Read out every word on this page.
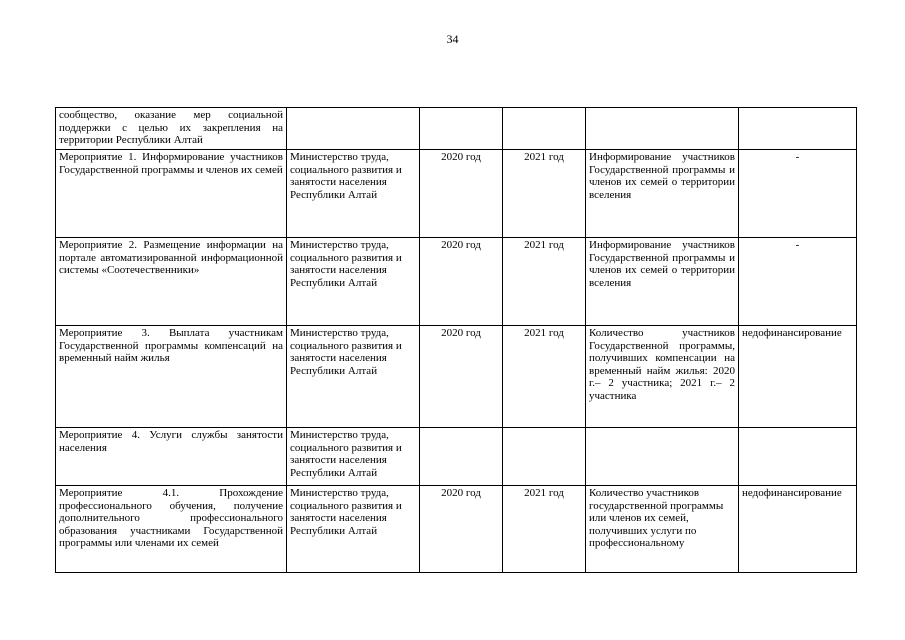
34
сообщество, оказание мер социальной поддержки с целью их закрепления на территории Республики Алтай					
Мероприятие 1. Информирование участников Государственной программы и членов их семей	Министерство труда, социального развития и занятости населения Республики Алтай	2020 год	2021 год	Информирование участников Государственной программы и членов их семей о территории вселения	-
Мероприятие 2. Размещение информации на портале автоматизированной информационной системы «Соотечественники»	Министерство труда, социального развития и занятости населения Республики Алтай	2020 год	2021 год	Информирование участников Государственной программы и членов их семей о территории вселения	-
Мероприятие 3. Выплата участникам Государственной программы компенсаций на временный найм жилья	Министерство труда, социального развития и занятости населения Республики Алтай	2020 год	2021 год	Количество участников Государственной программы, получивших компенсации на временный найм жилья: 2020 г.– 2 участника; 2021 г.– 2 участника	недофинансирование
Мероприятие 4. Услуги службы занятости населения	Министерство труда, социального развития и занятости населения Республики Алтай				
Мероприятие 4.1. Прохождение профессионального обучения, получение дополнительного профессионального образования участниками Государственной программы или членами их семей	Министерство труда, социального развития и занятости населения Республики Алтай	2020 год	2021 год	Количество участников государственной программы или членов их семей, получивших услуги по профессиональному	недофинансирование
